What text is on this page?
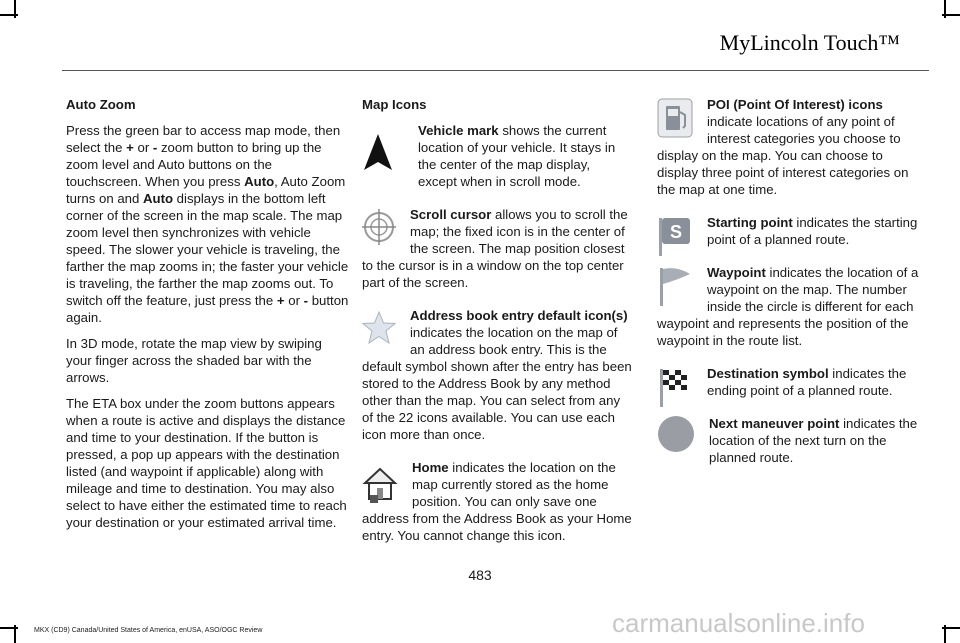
MyLincoln Touch™

Auto Zoom

Press the green bar to access map mode, then select the + or - zoom button to bring up the zoom level and Auto buttons on the touchscreen. When you press Auto, Auto Zoom turns on and Auto displays in the bottom left corner of the screen in the map scale. The map zoom level then synchronizes with vehicle speed. The slower your vehicle is traveling, the farther the map zooms in; the faster your vehicle is traveling, the farther the map zooms out. To switch off the feature, just press the + or - button again.

In 3D mode, rotate the map view by swiping your finger across the shaded bar with the arrows.

The ETA box under the zoom buttons appears when a route is active and displays the distance and time to your destination. If the button is pressed, a pop up appears with the destination listed (and waypoint if applicable) along with mileage and time to destination. You may also select to have either the estimated time to reach your destination or your estimated arrival time.

Map Icons

Vehicle mark shows the current location of your vehicle. It stays in the center of the map display, except when in scroll mode.

Scroll cursor allows you to scroll the map; the fixed icon is in the center of the screen. The map position closest to the cursor is in a window on the top center part of the screen.

Address book entry default icon(s) indicates the location on the map of an address book entry. This is the default symbol shown after the entry has been stored to the Address Book by any method other than the map. You can select from any of the 22 icons available. You can use each icon more than once.

Home indicates the location on the map currently stored as the home position. You can only save one address from the Address Book as your Home entry. You cannot change this icon.

POI (Point Of Interest) icons indicate locations of any point of interest categories you choose to display on the map. You can choose to display three point of interest categories on the map at one time.

S	Starting point indicates the starting point of a planned route.

Waypoint indicates the location of a waypoint on the map. The number inside the circle is different for each waypoint and represents the position of the waypoint in the route list.

Destination symbol indicates the ending point of a planned route.

Next maneuver point indicates the location of the next turn on the planned route.

483
MKX (CD9) Canada/United States of America, enUSA, ASO/OGC Review	carmanualsonline.info
